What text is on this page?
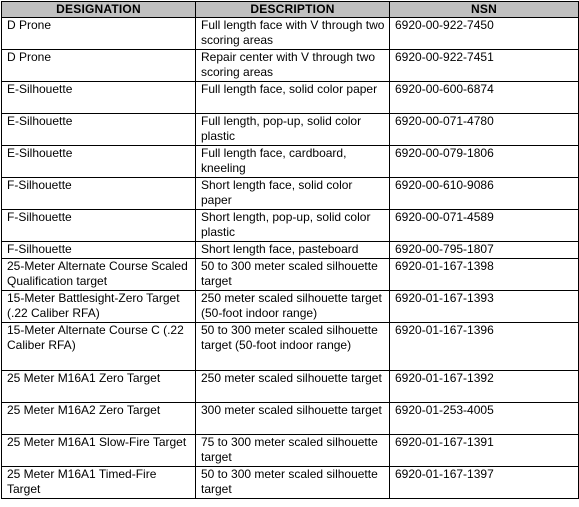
DESIGNATION	DESCRIPTION	NSN
D Prone	Full length face with V through two scoring areas	6920-00-922-7450
D Prone	Repair center with V through two scoring areas	6920-00-922-7451
E-Silhouette	Full length face, solid color paper	6920-00-600-6874
E-Silhouette	Full length, pop-up, solid color plastic	6920-00-071-4780
E-Silhouette	Full length face, cardboard, kneeling	6920-00-079-1806
F-Silhouette	Short length face, solid color paper	6920-00-610-9086
F-Silhouette	Short length, pop-up, solid color plastic	6920-00-071-4589
F-Silhouette	Short length face, pasteboard	6920-00-795-1807
25-Meter Alternate Course Scaled Qualification target	50 to 300 meter scaled silhouette target	6920-01-167-1398
15-Meter Battlesight-Zero Target (.22 Caliber RFA)	250 meter scaled silhouette target (50-foot indoor range)	6920-01-167-1393
15-Meter Alternate Course C (.22 Caliber RFA)	50 to 300 meter scaled silhouette target (50-foot indoor range)	6920-01-167-1396
25 Meter M16A1 Zero Target	250 meter scaled silhouette target	6920-01-167-1392
25 Meter M16A2 Zero Target	300 meter scaled silhouette target	6920-01-253-4005
25 Meter M16A1 Slow-Fire Target	75 to 300 meter scaled silhouette target	6920-01-167-1391
25 Meter M16A1 Timed-Fire Target	50 to 300 meter scaled silhouette target	6920-01-167-1397
